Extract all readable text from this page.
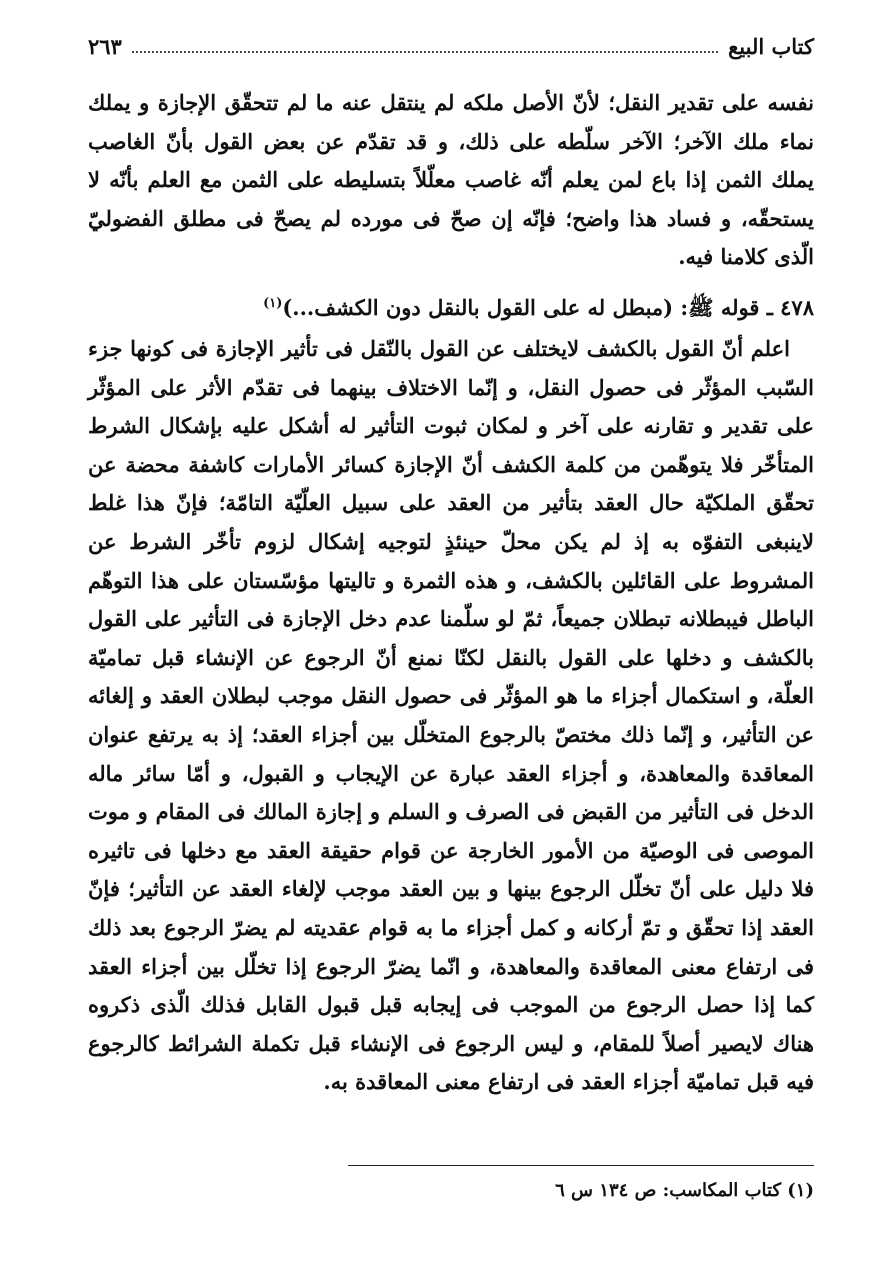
كتاب البيع
٢٦٣
نفسه على تقدير النقل؛ لأنّ الأصل ملكه لم ينتقل عنه ما لم تتحقّق الإجازة و يملك نماء ملك الآخر؛ الآخر سلّطه على ذلك، و قد تقدّم عن بعض القول بأنّ الغاصب يملك الثمن إذا باع لمن يعلم أنّه غاصب معلّلاً بتسليطه على الثمن مع العلم بأنّه لا يستحقّه، و فساد هذا واضح؛ فإنّه إن صحّ فى مورده لم يصحّ فى مطلق الفضوليّ الّذى كلامنا فيه.
٤٧٨ ـ قوله ﷺ: (مبطل له على القول بالنقل دون الكشف...)$^{(١)}$
اعلم أنّ القول بالكشف لايختلف عن القول بالنّقل فى تأثير الإجازة فى كونها جزء السّبب المؤثّر فى حصول النقل، و إنّما الاختلاف بينهما فى تقدّم الأثر على المؤثّر على تقدير و تقارنه على آخر و لمكان ثبوت التأثير له أشكل عليه بإشكال الشرط المتأخّر فلا يتوهّمن من كلمة الكشف أنّ الإجازة كسائر الأمارات كاشفة محضة عن تحقّق الملكيّة حال العقد بتأثير من العقد على سبيل العلّيّة التامّة؛ فإنّ هذا غلط لاينبغى التفوّه به إذ لم يكن محلّ حينئذٍ لتوجيه إشكال لزوم تأخّر الشرط عن المشروط على القائلين بالكشف، و هذه الثمرة و تاليتها مؤسّستان على هذا التوهّم الباطل فيبطلانه تبطلان جميعاً، ثمّ لو سلّمنا عدم دخل الإجازة فى التأثير على القول بالكشف و دخلها على القول بالنقل لكنّا نمنع أنّ الرجوع عن الإنشاء قبل تماميّة العلّة، و استكمال أجزاء ما هو المؤثّر فى حصول النقل موجب لبطلان العقد و إلغائه عن التأثير، و إنّما ذلك مختصّ بالرجوع المتخلّل بين أجزاء العقد؛ إذ به يرتفع عنوان المعاقدة والمعاهدة، و أجزاء العقد عبارة عن الإيجاب و القبول، و أمّا سائر ماله الدخل فى التأثير من القبض فى الصرف و السلم و إجازة المالك فى المقام و موت الموصى فى الوصيّة من الأمور الخارجة عن قوام حقيقة العقد مع دخلها فى تاثيره فلا دليل على أنّ تخلّل الرجوع بينها و بين العقد موجب لإلغاء العقد عن التأثير؛ فإنّ العقد إذا تحقّق و تمّ أركانه و كمل أجزاء ما به قوام عقديته لم يضرّ الرجوع بعد ذلك فى ارتفاع معنى المعاقدة والمعاهدة، و انّما يضرّ الرجوع إذا تخلّل بين أجزاء العقد كما إذا حصل الرجوع من الموجب فى إيجابه قبل قبول القابل فذلك الّذى ذكروه هناك لايصير أصلاً للمقام، و ليس الرجوع فى الإنشاء قبل تكملة الشرائط كالرجوع فيه قبل تماميّة أجزاء العقد فى ارتفاع معنى المعاقدة به.
(١) كتاب المكاسب: ص ١٣٤ س ٦
